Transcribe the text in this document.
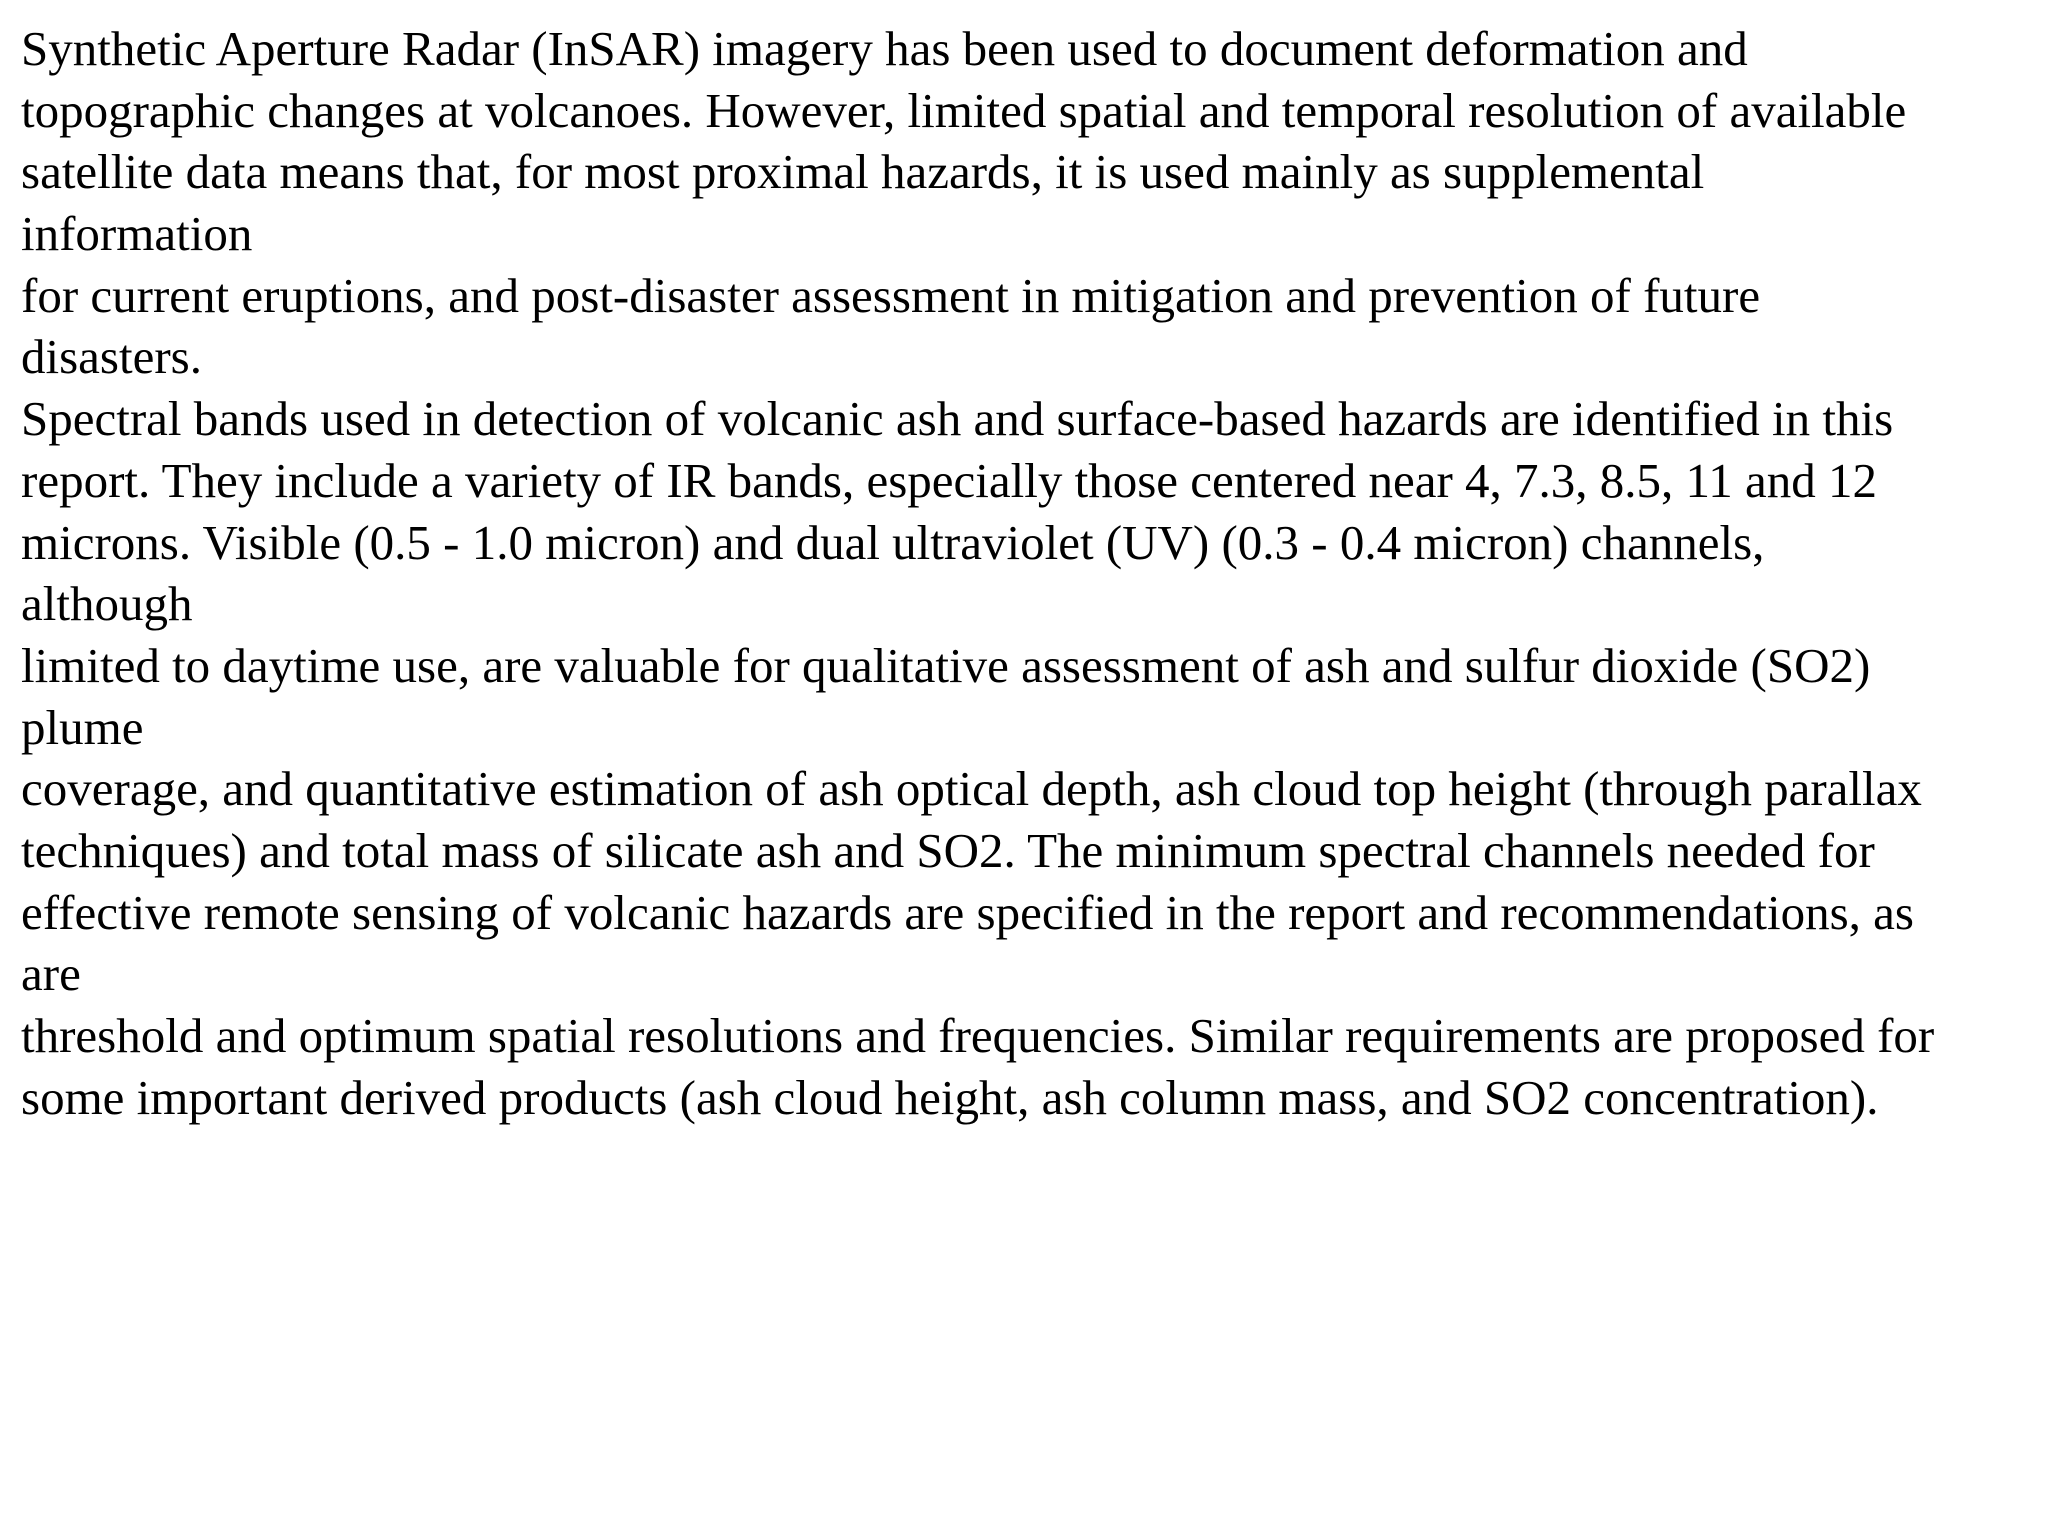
Synthetic Aperture Radar (InSAR) imagery has been used to document deformation and
topographic changes at volcanoes. However, limited spatial and temporal resolution of available
satellite data means that, for most proximal hazards, it is used mainly as supplemental
information
for current eruptions, and post-disaster assessment in mitigation and prevention of future
disasters.
Spectral bands used in detection of volcanic ash and surface-based hazards are identified in this
report. They include a variety of IR bands, especially those centered near 4, 7.3, 8.5, 11 and 12
microns. Visible (0.5 - 1.0 micron) and dual ultraviolet (UV) (0.3 - 0.4 micron) channels,
although
limited to daytime use, are valuable for qualitative assessment of ash and sulfur dioxide (SO2)
plume
coverage, and quantitative estimation of ash optical depth, ash cloud top height (through parallax
techniques) and total mass of silicate ash and SO2. The minimum spectral channels needed for
effective remote sensing of volcanic hazards are specified in the report and recommendations, as
are
threshold and optimum spatial resolutions and frequencies. Similar requirements are proposed for
some important derived products (ash cloud height, ash column mass, and SO2 concentration).
